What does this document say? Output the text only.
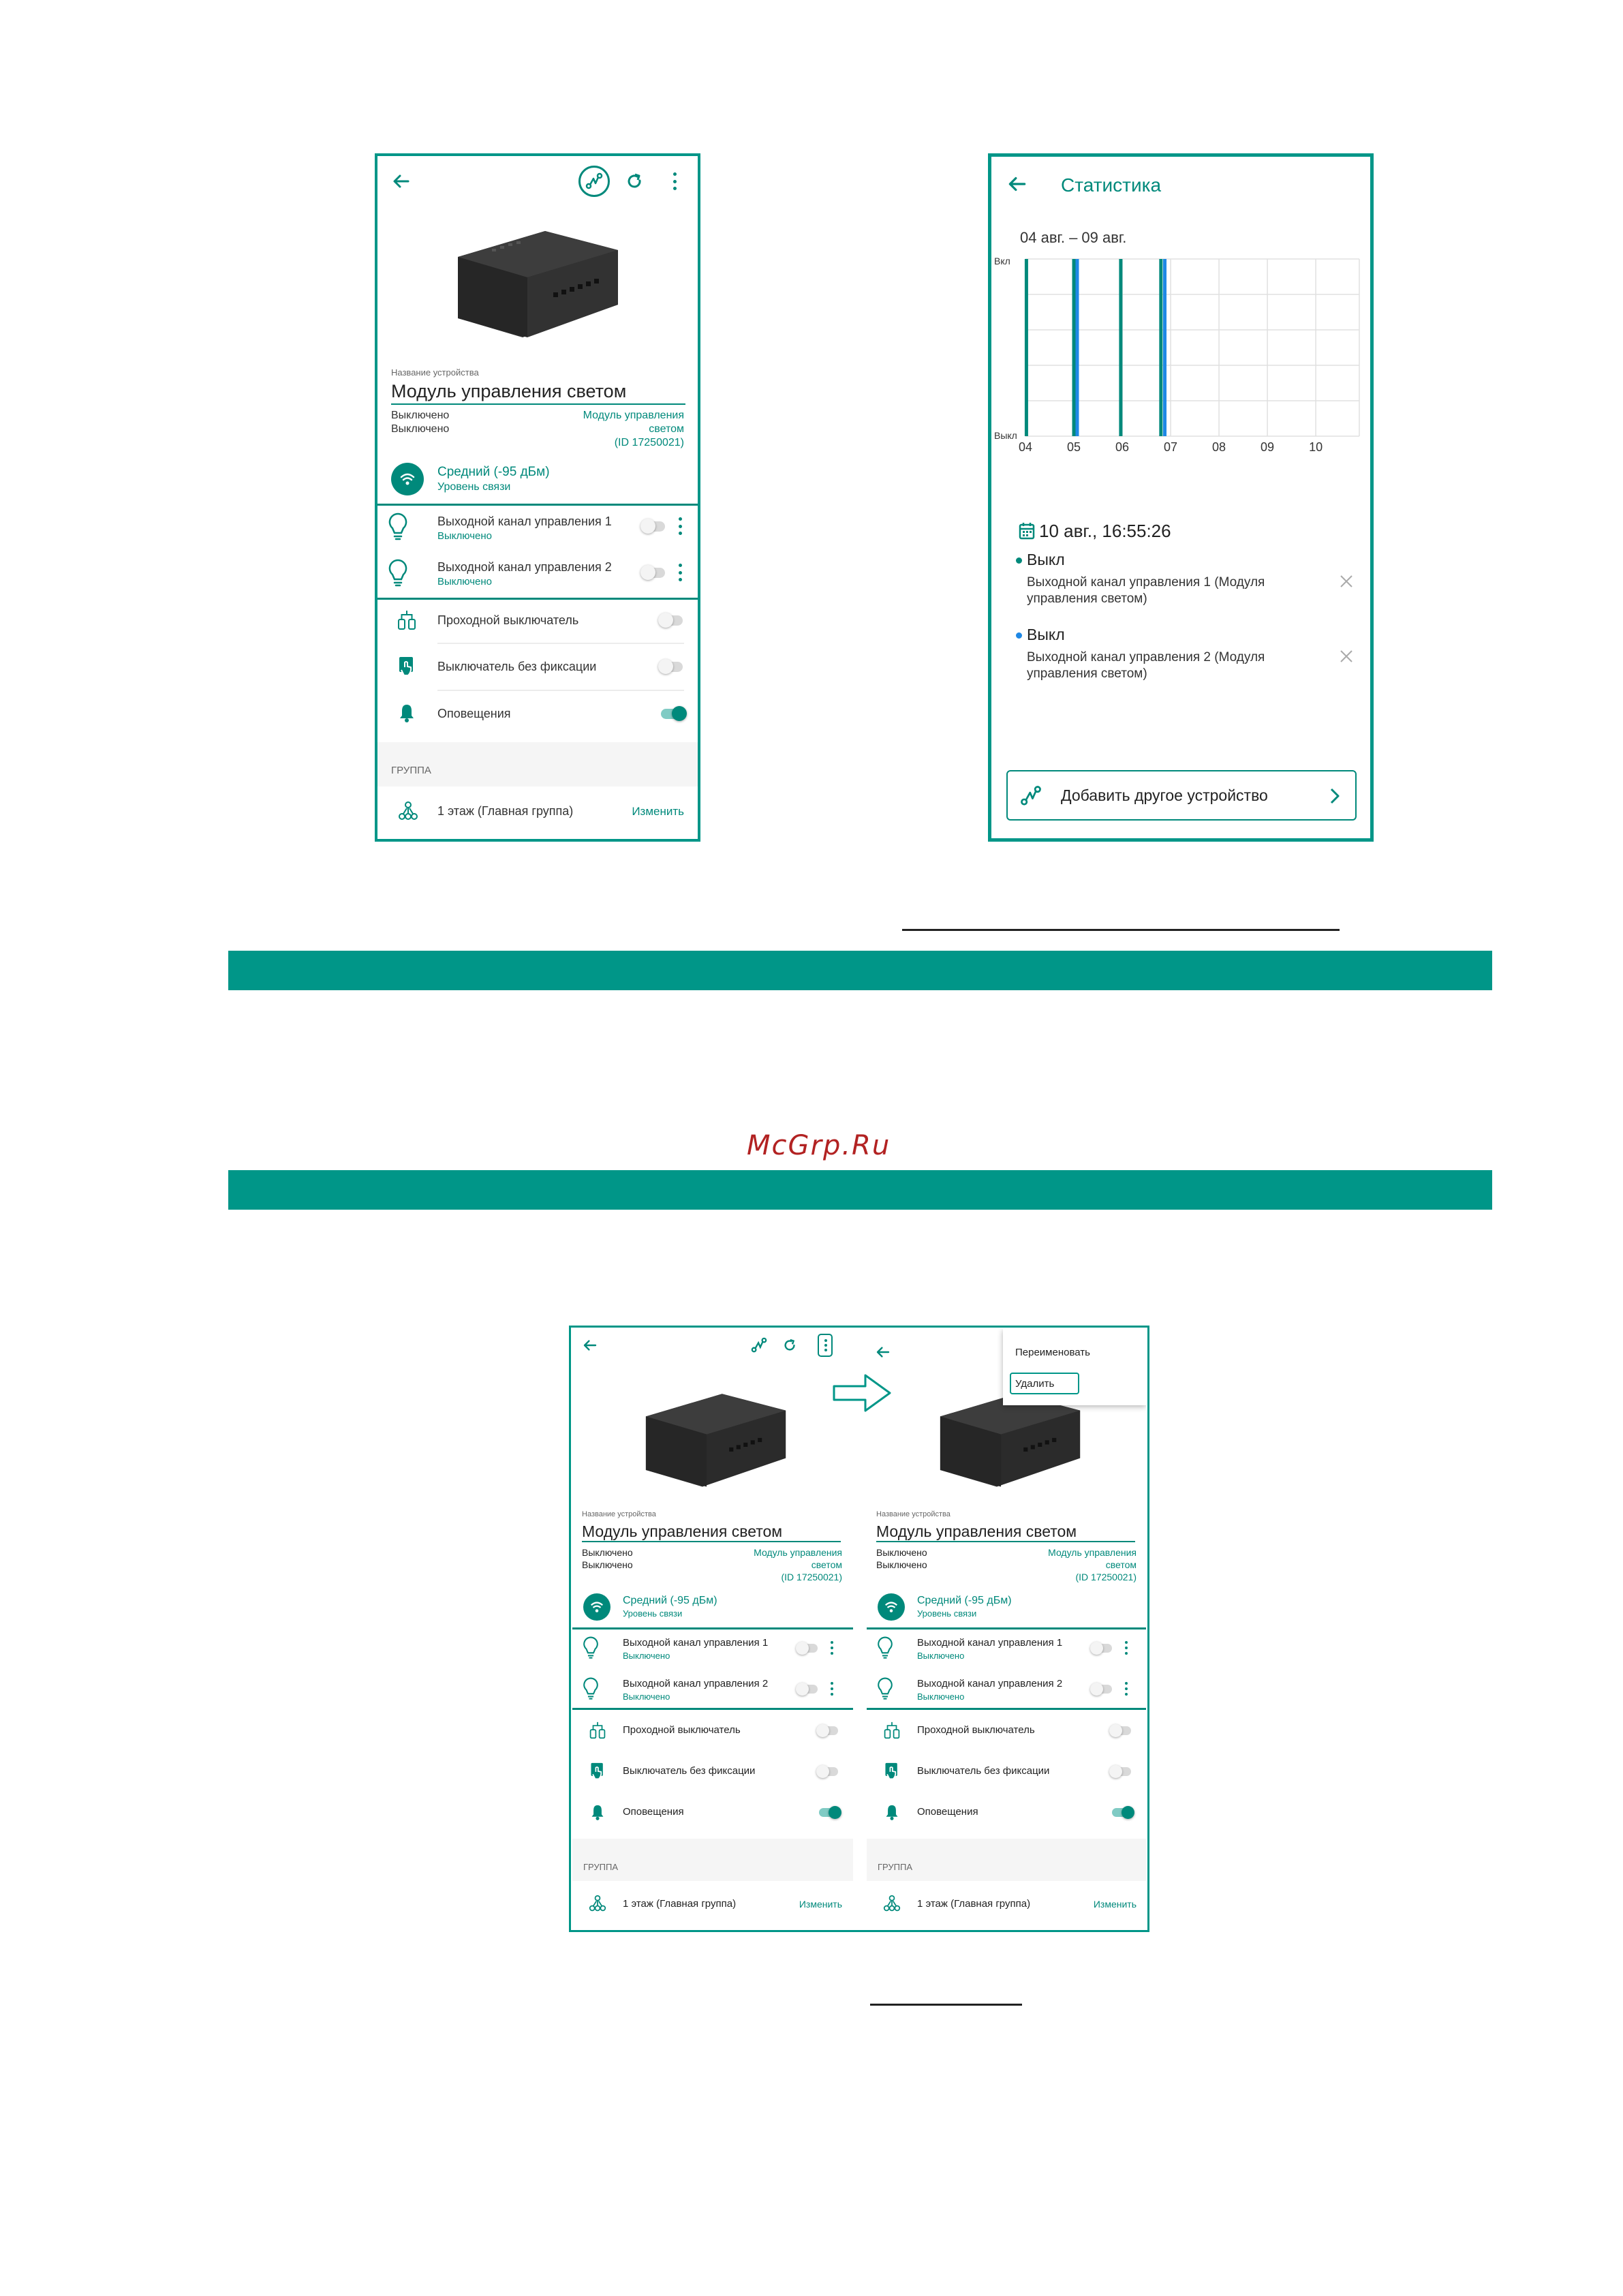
Название устройства
Модуль управления светом
Выключено
Выключено
Модуль управления
светом
(ID 17250021)
Средний (-95 дБм)
Уровень связи
Выходной канал управления 1
Выключено
Выходной канал управления 2
Выключено
Проходной выключатель
Выключатель без фиксации
Оповещения
ГРУППА
1 этаж (Главная группа)	Изменить
Статистика
04 авг. – 09 авг.
04	05	06	07	08	09	10
Вкл
Выкл
10 авг., 16:55:26
Выкл
Выходной канал управления 1 (Модуля
управления светом)
Выкл
Выходной канал управления 2 (Модуля
управления светом)
Добавить другое устройство
McGrp.Ru
Название устройства
Модуль управления светом
Выключено
Выключено
Модуль управления
светом
(ID 17250021)
Средний (-95 дБм)
Уровень связи
Выходной канал управления 1
Выключено
Выходной канал управления 2
Выключено
Проходной выключатель
Выключатель без фиксации
Оповещения
ГРУППА
1 этаж (Главная группа)	Изменить
Переименовать
Удалить
Название устройства
Модуль управления светом
Выключено
Выключено
Модуль управления
светом
(ID 17250021)
Средний (-95 дБм)
Уровень связи
Выходной канал управления 1
Выключено
Выходной канал управления 2
Выключено
Проходной выключатель
Выключатель без фиксации
Оповещения
ГРУППА
1 этаж (Главная группа)	Изменить
